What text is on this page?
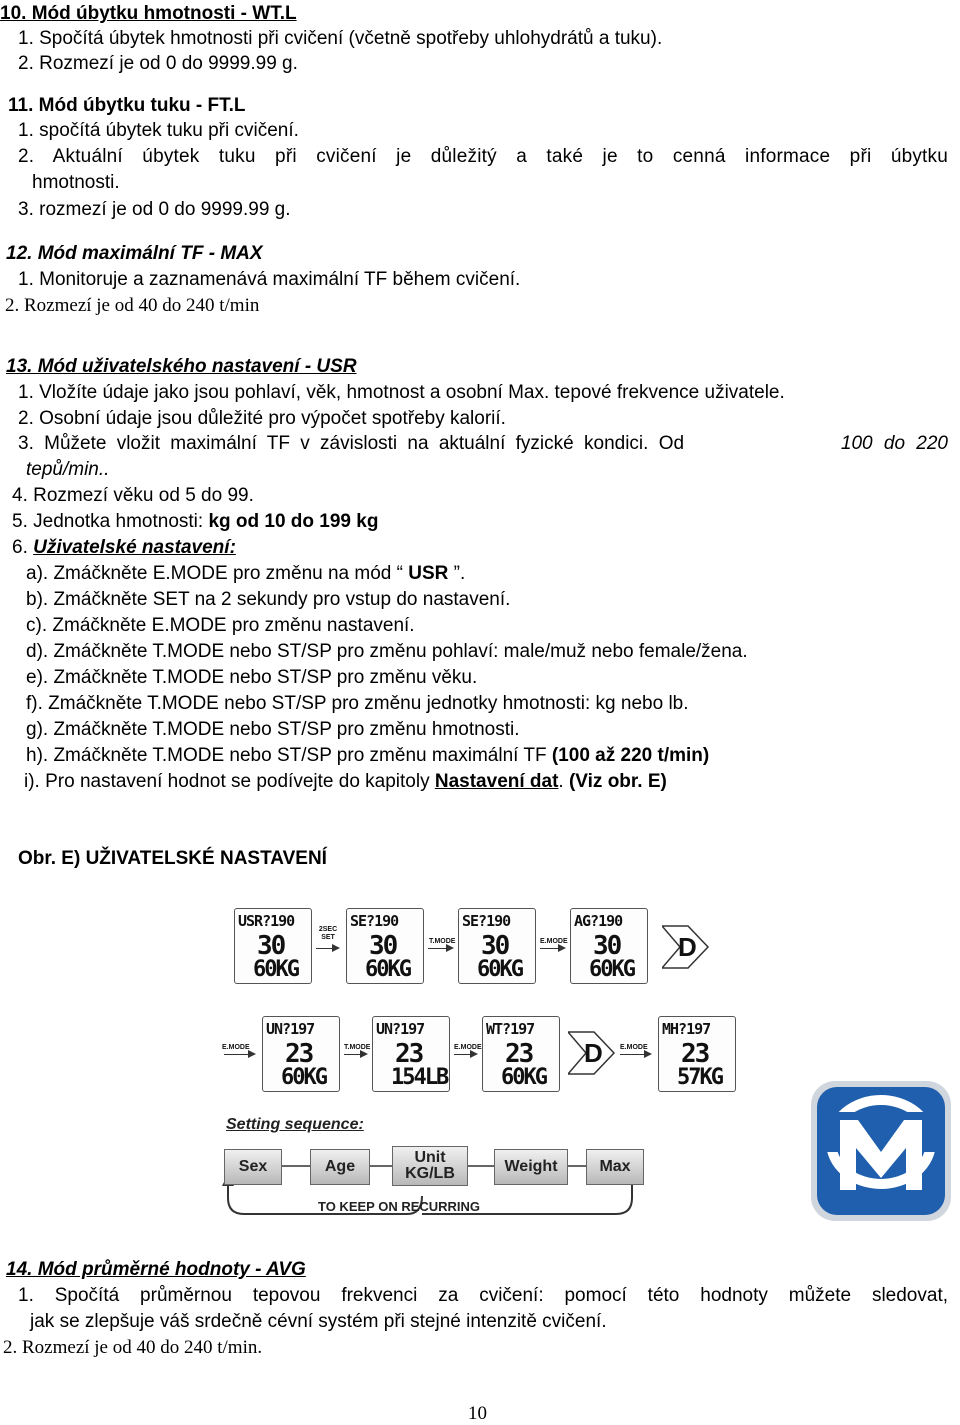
10. Mód úbytku hmotnosti - WT.L
1. Spočítá úbytek hmotnosti při cvičení (včetně spotřeby uhlohydrátů a tuku).
2. Rozmezí je od 0 do 9999.99 g.
11. Mód úbytku tuku - FT.L
1. spočítá úbytek tuku při cvičení.
2. Aktuální úbytek tuku při cvičení je důležitý a také je to cenná informace při úbytku
hmotnosti.
3. rozmezí je od 0 do 9999.99 g.
12. Mód maximální TF - MAX
1. Monitoruje a zaznamenává maximální TF během cvičení.
2. Rozmezí je od 40 do 240 t/min
13. Mód uživatelského nastavení - USR
1. Vložíte údaje jako jsou pohlaví, věk, hmotnost a osobní Max. tepové frekvence uživatele.
2. Osobní údaje jsou důležité pro výpočet spotřeby kalorií.
3. Můžete vložit maximální TF v závislosti na aktuální fyzické kondici. Od	100 do 220
tepů/min..
4. Rozmezí věku od 5 do 99.
5. Jednotka hmotnosti: kg od 10 do 199 kg
6. Uživatelské nastavení:
a). Zmáčkněte E.MODE pro změnu na mód “ USR ”.
b). Zmáčkněte SET na 2 sekundy pro vstup do nastavení.
c). Zmáčkněte E.MODE pro změnu nastavení.
d). Zmáčkněte T.MODE nebo ST/SP pro změnu pohlaví: male/muž nebo female/žena.
e). Zmáčkněte T.MODE nebo ST/SP pro změnu věku.
f). Zmáčkněte T.MODE nebo ST/SP pro změnu jednotky hmotnosti: kg nebo lb.
g). Zmáčkněte T.MODE nebo ST/SP pro změnu hmotnosti.
h). Zmáčkněte T.MODE nebo ST/SP pro změnu maximální TF (100 až 220 t/min)
i). Pro nastavení hodnot se podívejte do kapitoly Nastavení dat. (Viz obr. E)
Obr. E) UŽIVATELSKÉ NASTAVENÍ
USR?190
30
60KG
2SEC SET
SE?190
30
60KG
T.MODE
SE?190
30
60KG
E.MODE
AG?190
30
60KG
D
E.MODE
UN?197
23
60KG
T.MODE
UN?197
23
154LB
E.MODE
WT?197
23
60KG
D E.MODE
MH?197
23
57KG
Setting sequence:
Sex	Age
Unit KG/LB	Weight	Max
TO KEEP ON RECURRING
14. Mód průměrné hodnoty - AVG
1. Spočítá průměrnou tepovou frekvenci za cvičení: pomocí této hodnoty můžete sledovat,
jak se zlepšuje váš srdečně cévní systém při stejné intenzitě cvičení.
2. Rozmezí je od 40 do 240 t/min.
10
